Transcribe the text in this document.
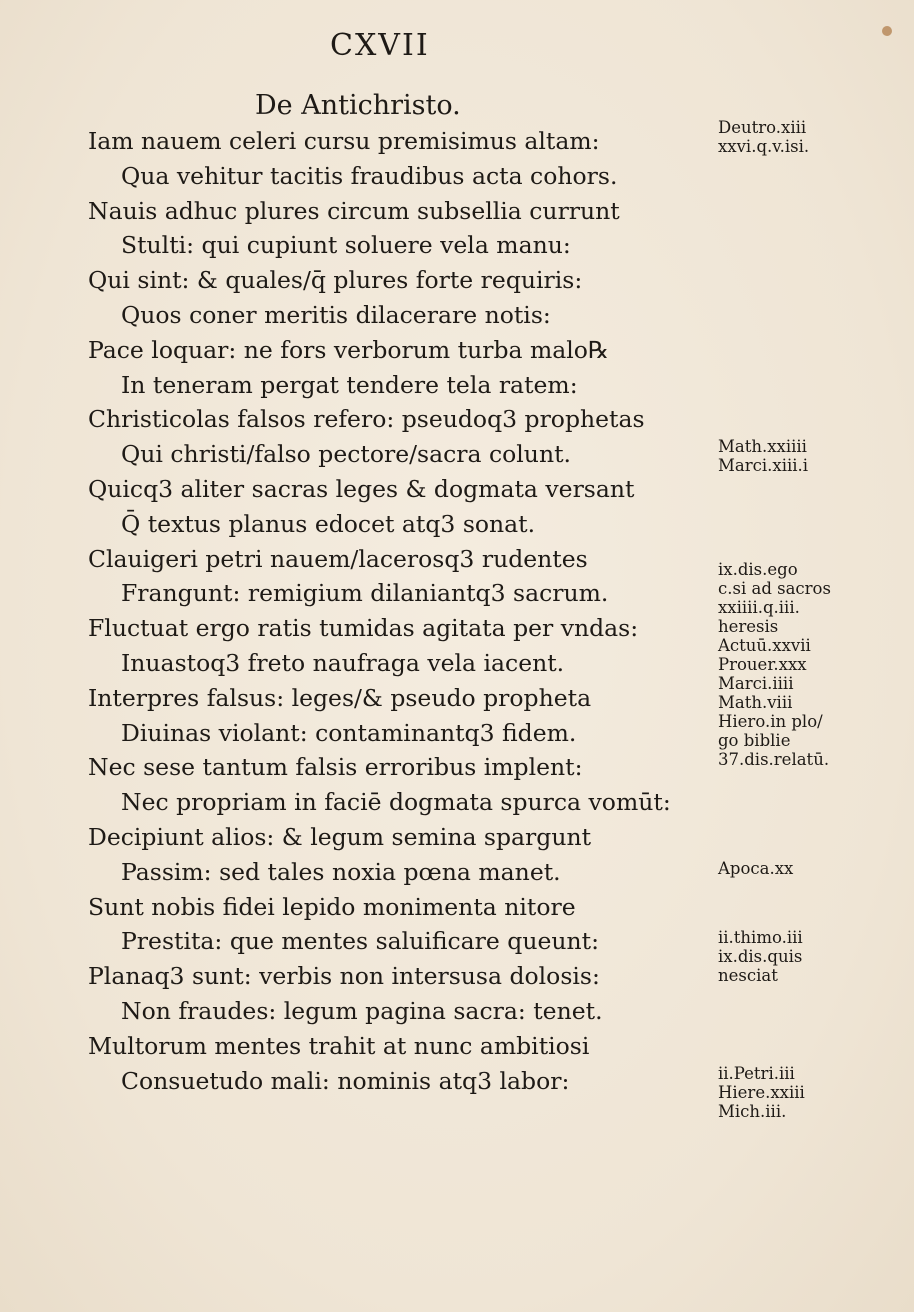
CXVII
De Antichristo.
Iam nauem celeri cursu premisimus altam:
Qua vehitur tacitis fraudibus acta cohors.
Nauis adhuc plures circum subsellia currunt
Stulti: qui cupiunt soluere vela manu:
Qui sint: & quales/q̄ plures forte requiris:
Quos coner meritis dilacerare notis:
Pace loquar: ne fors verborum turba malo℞
In teneram pergat tendere tela ratem:
Christicolas falsos refero: pseudoq3 prophetas
Qui christi/falso pectore/sacra colunt.
Quicq3 aliter sacras leges & dogmata versant
Q̄ textus planus edocet atq3 sonat.
Clauigeri petri nauem/lacerosq3 rudentes
Frangunt: remigium dilaniantq3 sacrum.
Fluctuat ergo ratis tumidas agitata per vndas:
Inuastoq3 freto naufraga vela iacent.
Interpres falsus: leges/& pseudo propheta
Diuinas violant: contaminantq3 fidem.
Nec sese tantum falsis erroribus implent:
Nec propriam in faciē dogmata spurca vomūt:
Decipiunt alios: & legum semina spargunt
Passim: sed tales noxia pœna manet.
Sunt nobis fidei lepido monimenta nitore
Prestita: que mentes saluificare queunt:
Planaq3 sunt: verbis non intersusa dolosis:
Non fraudes: legum pagina sacra: tenet.
Multorum mentes trahit at nunc ambitiosi
Consuetudo mali: nominis atq3 labor:
Deutro.xiii
xxvi.q.v.isi.
Math.xxiiii
Marci.xiii.i
ix.dis.ego
c.si ad sacros
xxiiii.q.iii.
heresis
Actuū.xxvii
Prouer.xxx
Marci.iiii
Math.viii
Hiero.in plo/
go biblie
37.dis.relatū.
Apoca.xx
ii.thimo.iii
ix.dis.quis
nesciat
ii.Petri.iii
Hiere.xxiii
Mich.iii.
